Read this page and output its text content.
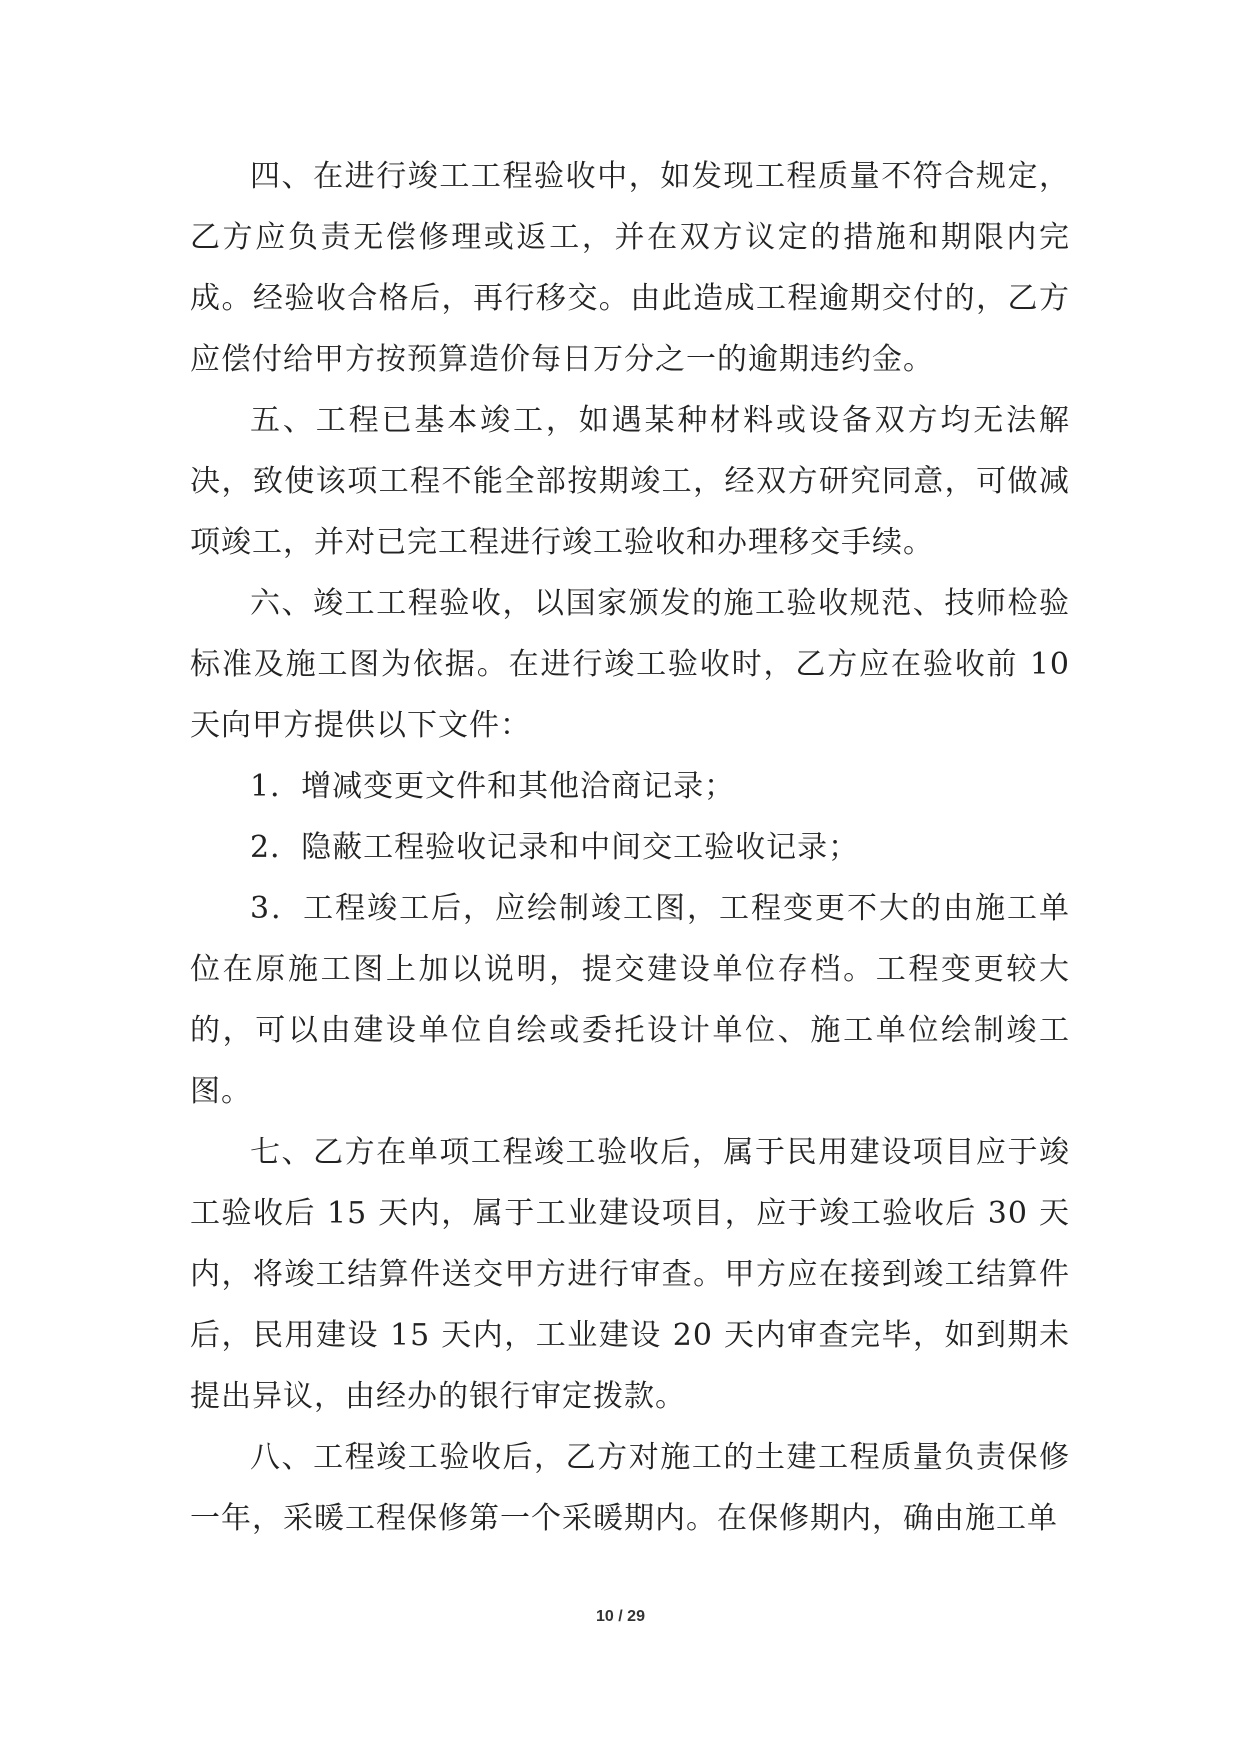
四、在进行竣工工程验收中，如发现工程质量不符合规定，乙方应负责无偿修理或返工，并在双方议定的措施和期限内完成。经验收合格后，再行移交。由此造成工程逾期交付的，乙方应偿付给甲方按预算造价每日万分之一的逾期违约金。

五、工程已基本竣工，如遇某种材料或设备双方均无法解决，致使该项工程不能全部按期竣工，经双方研究同意，可做减项竣工，并对已完工程进行竣工验收和办理移交手续。

六、竣工工程验收，以国家颁发的施工验收规范、技师检验标准及施工图为依据。在进行竣工验收时，乙方应在验收前 10 天向甲方提供以下文件：

1．增减变更文件和其他洽商记录；

2．隐蔽工程验收记录和中间交工验收记录；

3．工程竣工后，应绘制竣工图，工程变更不大的由施工单位在原施工图上加以说明，提交建设单位存档。工程变更较大的，可以由建设单位自绘或委托设计单位、施工单位绘制竣工图。

七、乙方在单项工程竣工验收后，属于民用建设项目应于竣工验收后 15 天内，属于工业建设项目，应于竣工验收后 30 天内，将竣工结算件送交甲方进行审查。甲方应在接到竣工结算件后，民用建设 15 天内，工业建设 20 天内审查完毕，如到期未提出异议，由经办的银行审定拨款。

八、工程竣工验收后，乙方对施工的土建工程质量负责保修一年，采暖工程保修第一个采暖期内。在保修期内，确由施工单

10 / 29
